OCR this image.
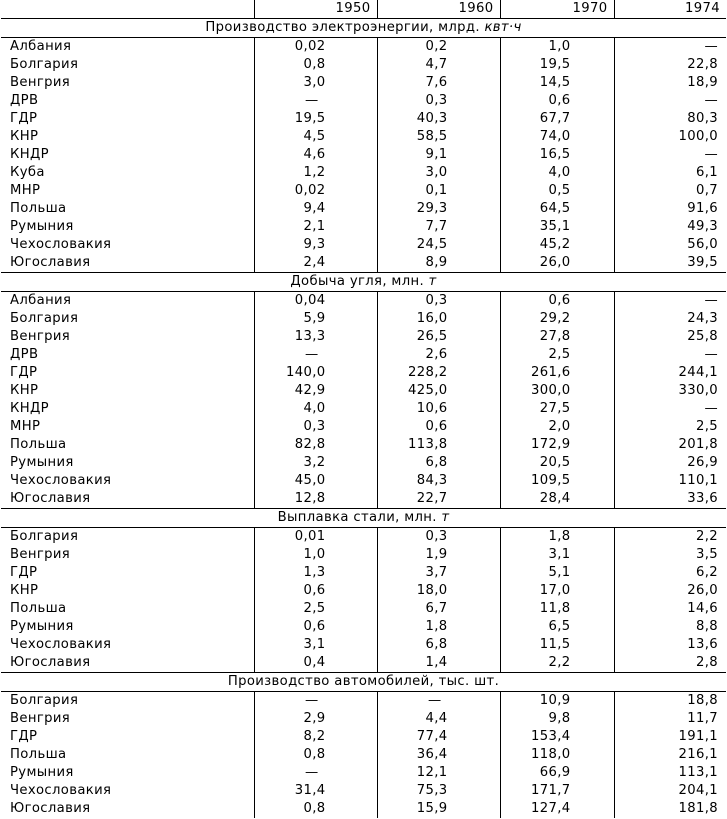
	1950	1960	1970	1974
Производство электроэнергии, млрд. квт·ч				
Албания	0,02	0,2	1,0	—
Болгария	0,8	4,7	19,5	22,8
Венгрия	3,0	7,6	14,5	18,9
ДРВ	—	0,3	0,6	—
ГДР	19,5	40,3	67,7	80,3
КНР	4,5	58,5	74,0	100,0
КНДР	4,6	9,1	16,5	—
Куба	1,2	3,0	4,0	6,1
МНР	0,02	0,1	0,5	0,7
Польша	9,4	29,3	64,5	91,6
Румыния	2,1	7,7	35,1	49,3
Чехословакия	9,3	24,5	45,2	56,0
Югославия	2,4	8,9	26,0	39,5
Добыча угля, млн. т				
Албания	0,04	0,3	0,6	—
Болгария	5,9	16,0	29,2	24,3
Венгрия	13,3	26,5	27,8	25,8
ДРВ	—	2,6	2,5	—
ГДР	140,0	228,2	261,6	244,1
КНР	42,9	425,0	300,0	330,0
КНДР	4,0	10,6	27,5	—
МНР	0,3	0,6	2,0	2,5
Польша	82,8	113,8	172,9	201,8
Румыния	3,2	6,8	20,5	26,9
Чехословакия	45,0	84,3	109,5	110,1
Югославия	12,8	22,7	28,4	33,6
Выплавка стали, млн. т				
Болгария	0,01	0,3	1,8	2,2
Венгрия	1,0	1,9	3,1	3,5
ГДР	1,3	3,7	5,1	6,2
КНР	0,6	18,0	17,0	26,0
Польша	2,5	6,7	11,8	14,6
Румыния	0,6	1,8	6,5	8,8
Чехословакия	3,1	6,8	11,5	13,6
Югославия	0,4	1,4	2,2	2,8
Производство автомобилей, тыс. шт.				
Болгария	—	—	10,9	18,8
Венгрия	2,9	4,4	9,8	11,7
ГДР	8,2	77,4	153,4	191,1
Польша	0,8	36,4	118,0	216,1
Румыния	—	12,1	66,9	113,1
Чехословакия	31,4	75,3	171,7	204,1
Югославия	0,8	15,9	127,4	181,8
